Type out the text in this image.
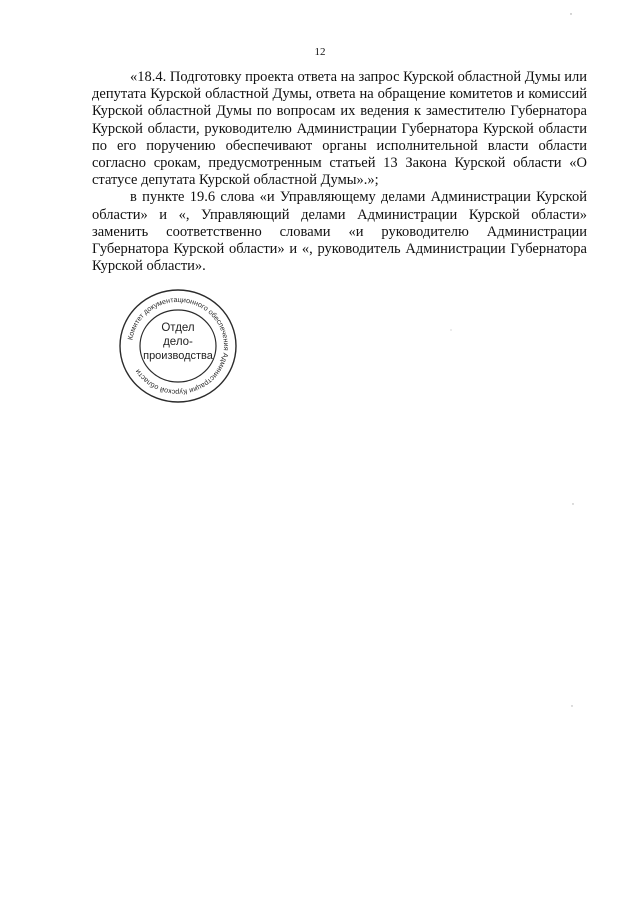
12

«18.4. Подготовку проекта ответа на запрос Курской областной Думы или депутата Курской областной Думы, ответа на обращение комитетов и комиссий Курской областной Думы по вопросам их ведения к заместителю Губернатора Курской области, руководителю Администрации Губернатора Курской области по его поручению обеспечивают органы исполнительной власти области согласно срокам, предусмотренным статьей 13 Закона Курской области «О статусе депутата Курской областной Думы».»;

в пункте 19.6 слова «и Управляющему делами Администрации Курской области» и «, Управляющий делами Администрации Курской области» заменить соответственно словами «и руководителю Администрации Губернатора Курской области» и «, руководитель Администрации Губернатора Курской области».

Комитет документационного обеспечения Администрации Курской области
Отдел
дело-
производства
